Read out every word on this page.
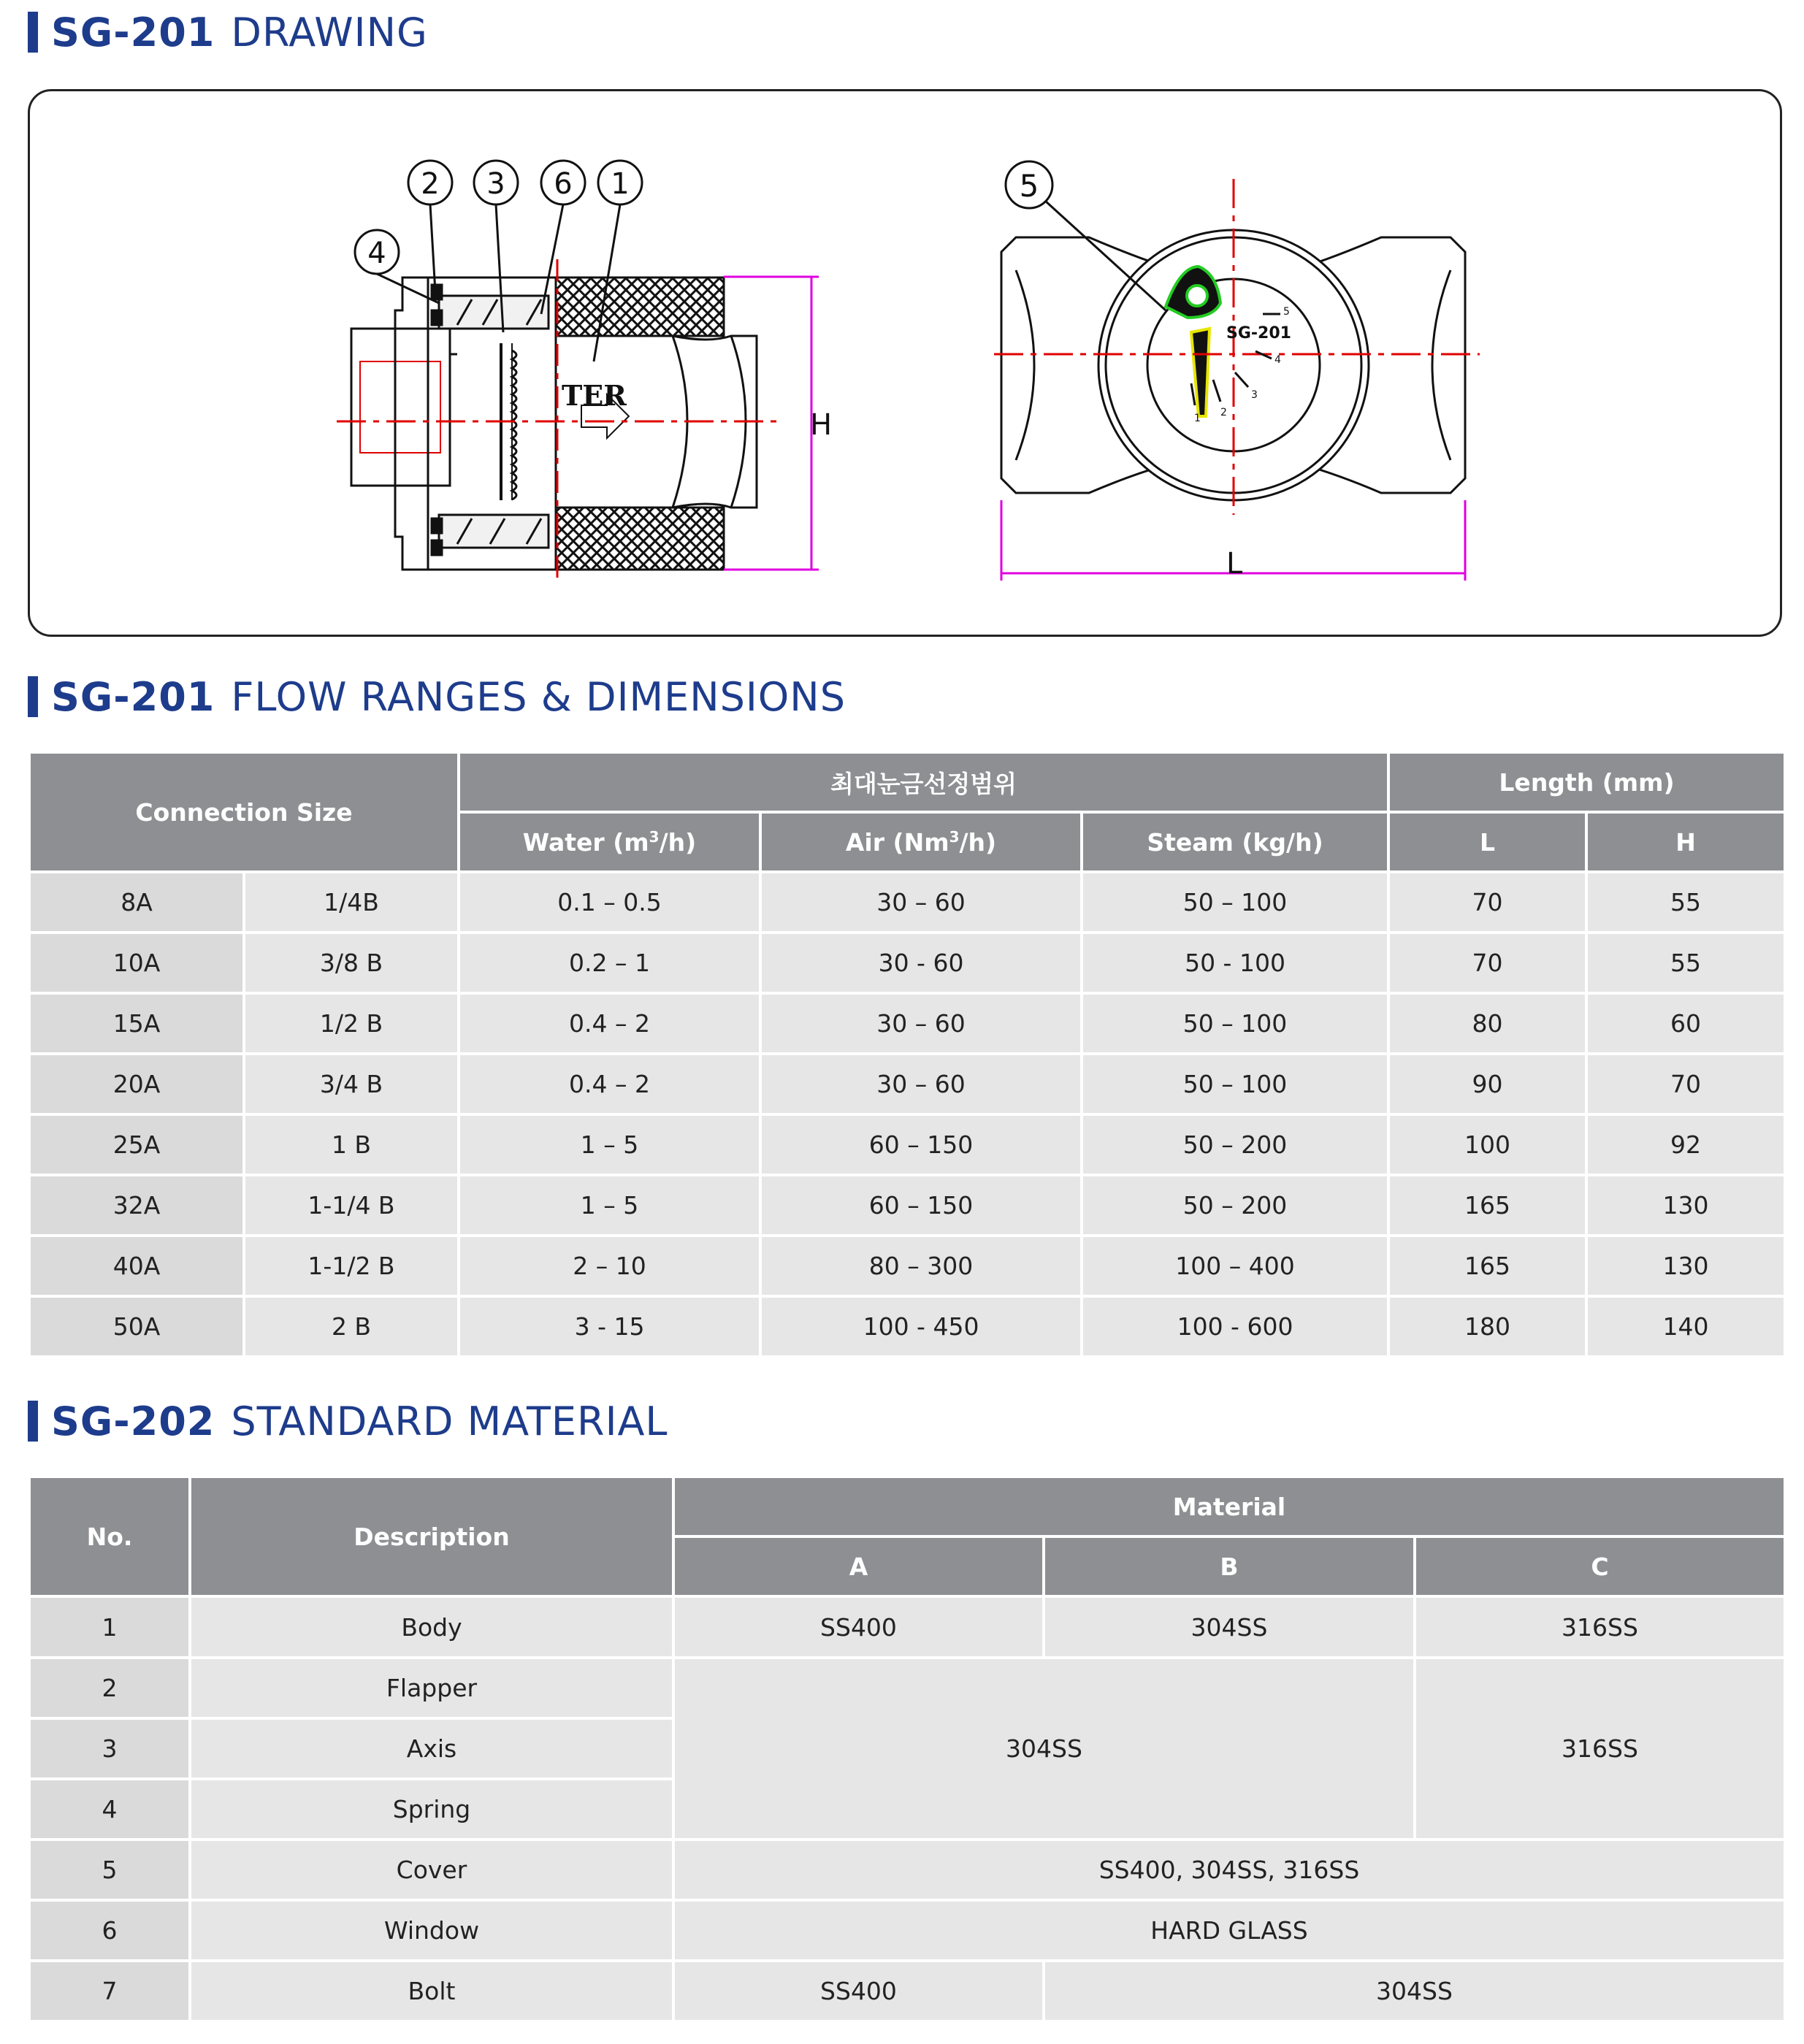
SG-201 DRAWING
TER
H
2 3 6 1
4
SG-201
1 2
3
4
5
5
L
SG-201 FLOW RANGES & DIMENSIONS
Connection Size		최대눈금선정범위			Length (mm)	
		Water $(m^3/h)$	Air (Nm$^3$/h)	Steam (kg/h)	L	H
8A	1/4B	0.1 – 0.5	30 – 60	50 – 100	70	55
10A	3/8 B	0.2 – 1	30 - 60	50 - 100	70	55
15A	1/2 B	0.4 – 2	30 – 60	50 – 100	80	60
20A	3/4 B	0.4 – 2	30 – 60	50 – 100	90	70
25A	1 B	1 – 5	60 – 150	50 – 200	100	92
32A	1-1/4 B	1 – 5	60 – 150	50 – 200	165	130
40A	1-1/2 B	2 – 10	80 – 300	100 – 400	165	130
50A	2 B	3 - 15	100 - 450	100 - 600	180	140
SG-202 STANDARD MATERIAL
No.	Description	Material		
		A	B	C
1	Body	SS400	304SS	316SS
2	Flapper	304SS		316SS
3	Axis			
4	Spring			
5	Cover	SS400, 304SS, 316SS		
6	Window	HARD GLASS		
7	Bolt	SS400	304SS	
